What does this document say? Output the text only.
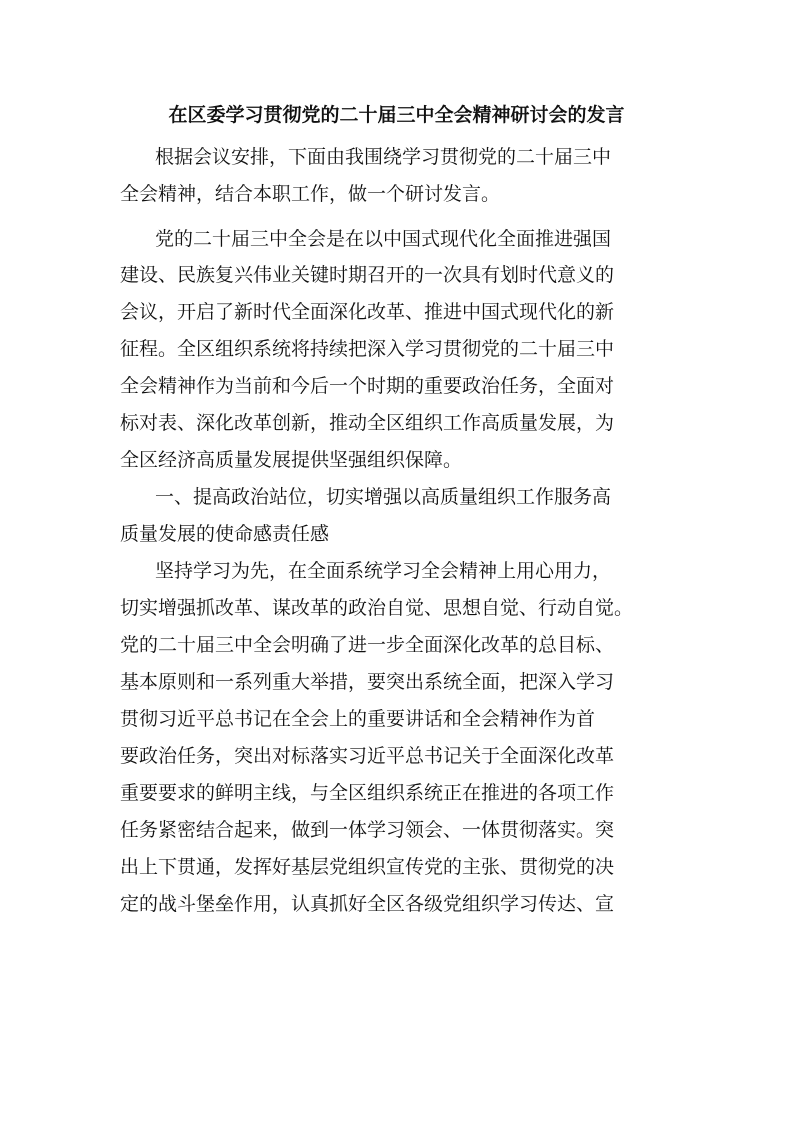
在区委学习贯彻党的二十届三中全会精神研讨会的发言
根据会议安排，下面由我围绕学习贯彻党的二十届三中
全会精神，结合本职工作，做一个研讨发言。
党的二十届三中全会是在以中国式现代化全面推进强国
建设、民族复兴伟业关键时期召开的一次具有划时代意义的
会议，开启了新时代全面深化改革、推进中国式现代化的新
征程。全区组织系统将持续把深入学习贯彻党的二十届三中
全会精神作为当前和今后一个时期的重要政治任务，全面对
标对表、深化改革创新，推动全区组织工作高质量发展，为
全区经济高质量发展提供坚强组织保障。
一、提高政治站位，切实增强以高质量组织工作服务高
质量发展的使命感责任感
坚持学习为先，在全面系统学习全会精神上用心用力，
切实增强抓改革、谋改革的政治自觉、思想自觉、行动自觉。
党的二十届三中全会明确了进一步全面深化改革的总目标、
基本原则和一系列重大举措，要突出系统全面，把深入学习
贯彻习近平总书记在全会上的重要讲话和全会精神作为首
要政治任务，突出对标落实习近平总书记关于全面深化改革
重要要求的鲜明主线，与全区组织系统正在推进的各项工作
任务紧密结合起来，做到一体学习领会、一体贯彻落实。突
出上下贯通，发挥好基层党组织宣传党的主张、贯彻党的决
定的战斗堡垒作用，认真抓好全区各级党组织学习传达、宣
